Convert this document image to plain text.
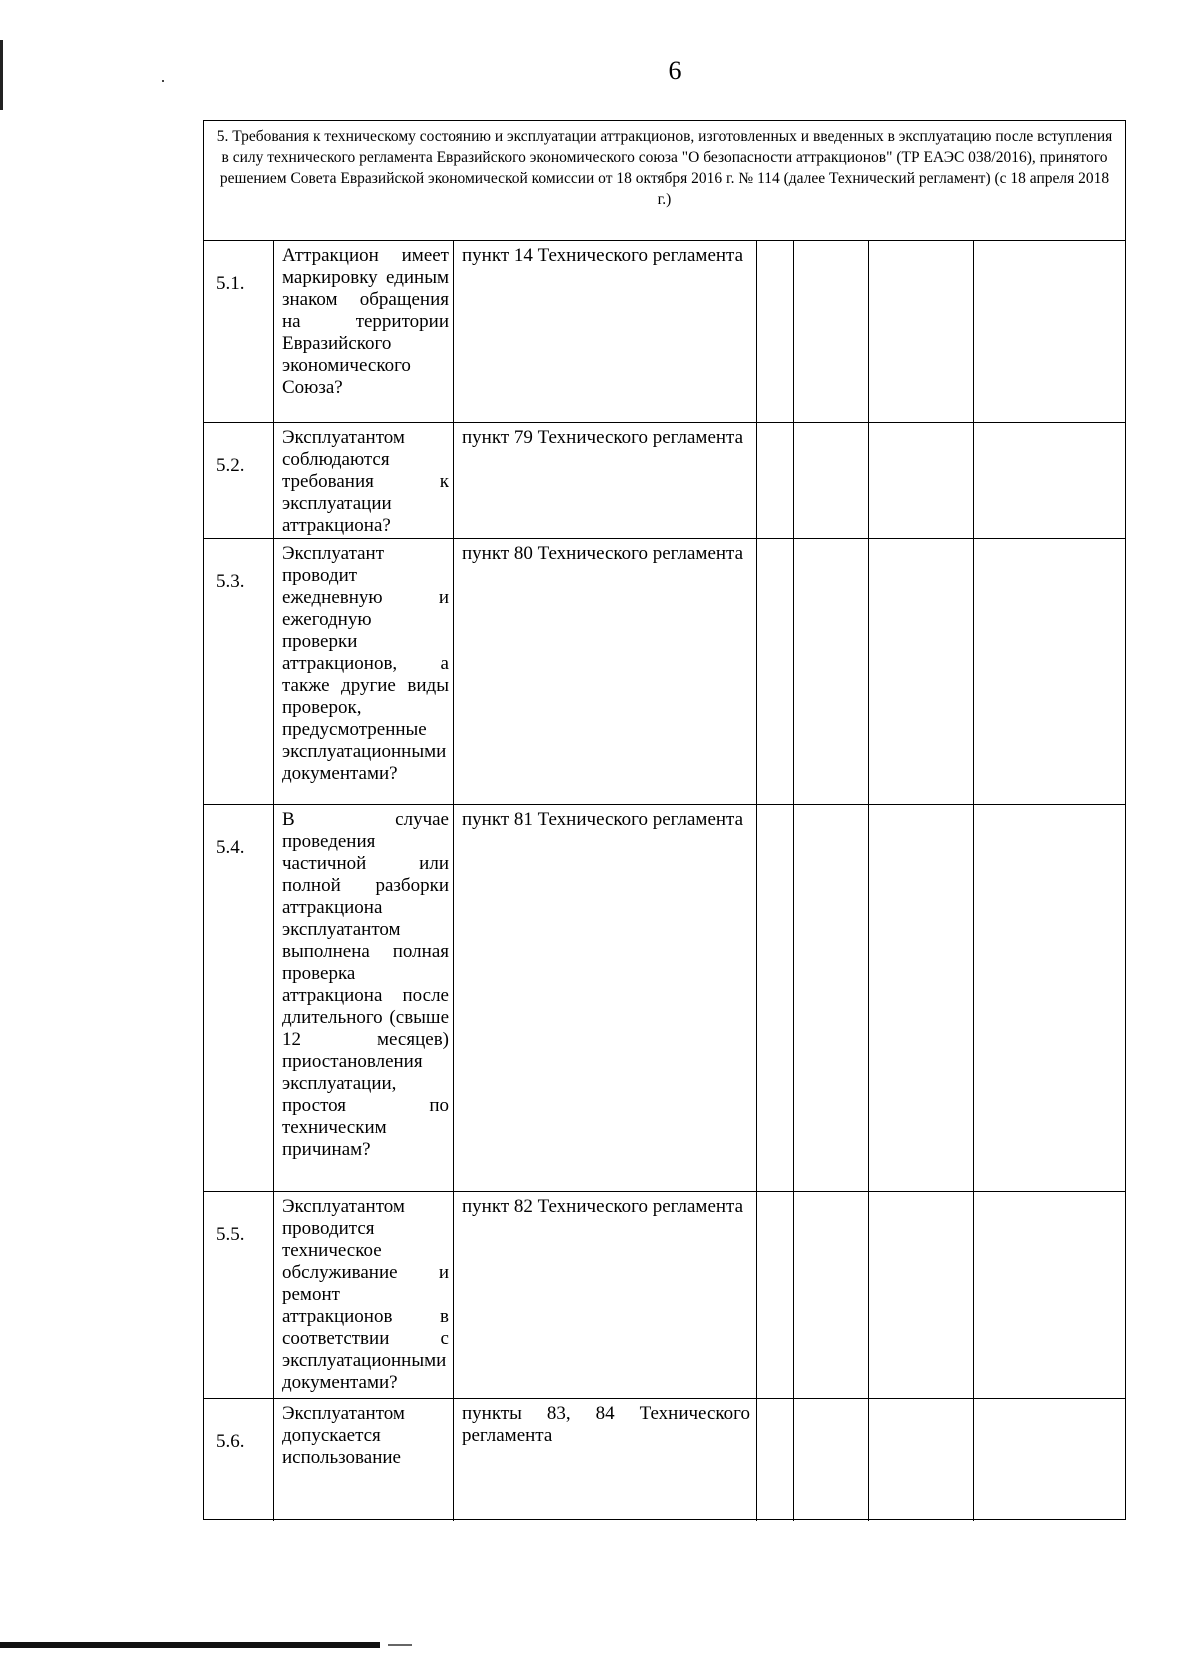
6
5. Требования к техническому состоянию и эксплуатации аттракционов, изготовленных и введенных в эксплуатацию после вступления в силу технического регламента Евразийского экономического союза "О безопасности аттракционов" (ТР ЕАЭС 038/2016), принятого решением Совета Евразийской экономической комиссии от 18 октября 2016 г. № 114 (далее Технический регламент) (с 18 апреля 2018 г.)
5.1.
Аттракцион имеет маркировку единым знаком обращения на территории Евразийского экономического Союза?
пункт 14 Технического регламента
5.2.
Эксплуатантом соблюдаются требования к эксплуатации аттракциона?
пункт 79 Технического регламента
5.3.
Эксплуатант проводит ежедневную и ежегодную проверки аттракционов, а также другие виды проверок, предусмотренные эксплуатационными документами?
пункт 80 Технического регламента
5.4.
В случае проведения частичной или полной разборки аттракциона эксплуатантом выполнена полная проверка аттракциона после длительного (свыше 12 месяцев) приостановления эксплуатации, простоя по техническим причинам?
пункт 81 Технического регламента
5.5.
Эксплуатантом проводится техническое обслуживание и ремонт аттракционов в соответствии с эксплуатационными документами?
пункт 82 Технического регламента
5.6.
Эксплуатантом допускается использование
пункты 83, 84 Технического регламента
